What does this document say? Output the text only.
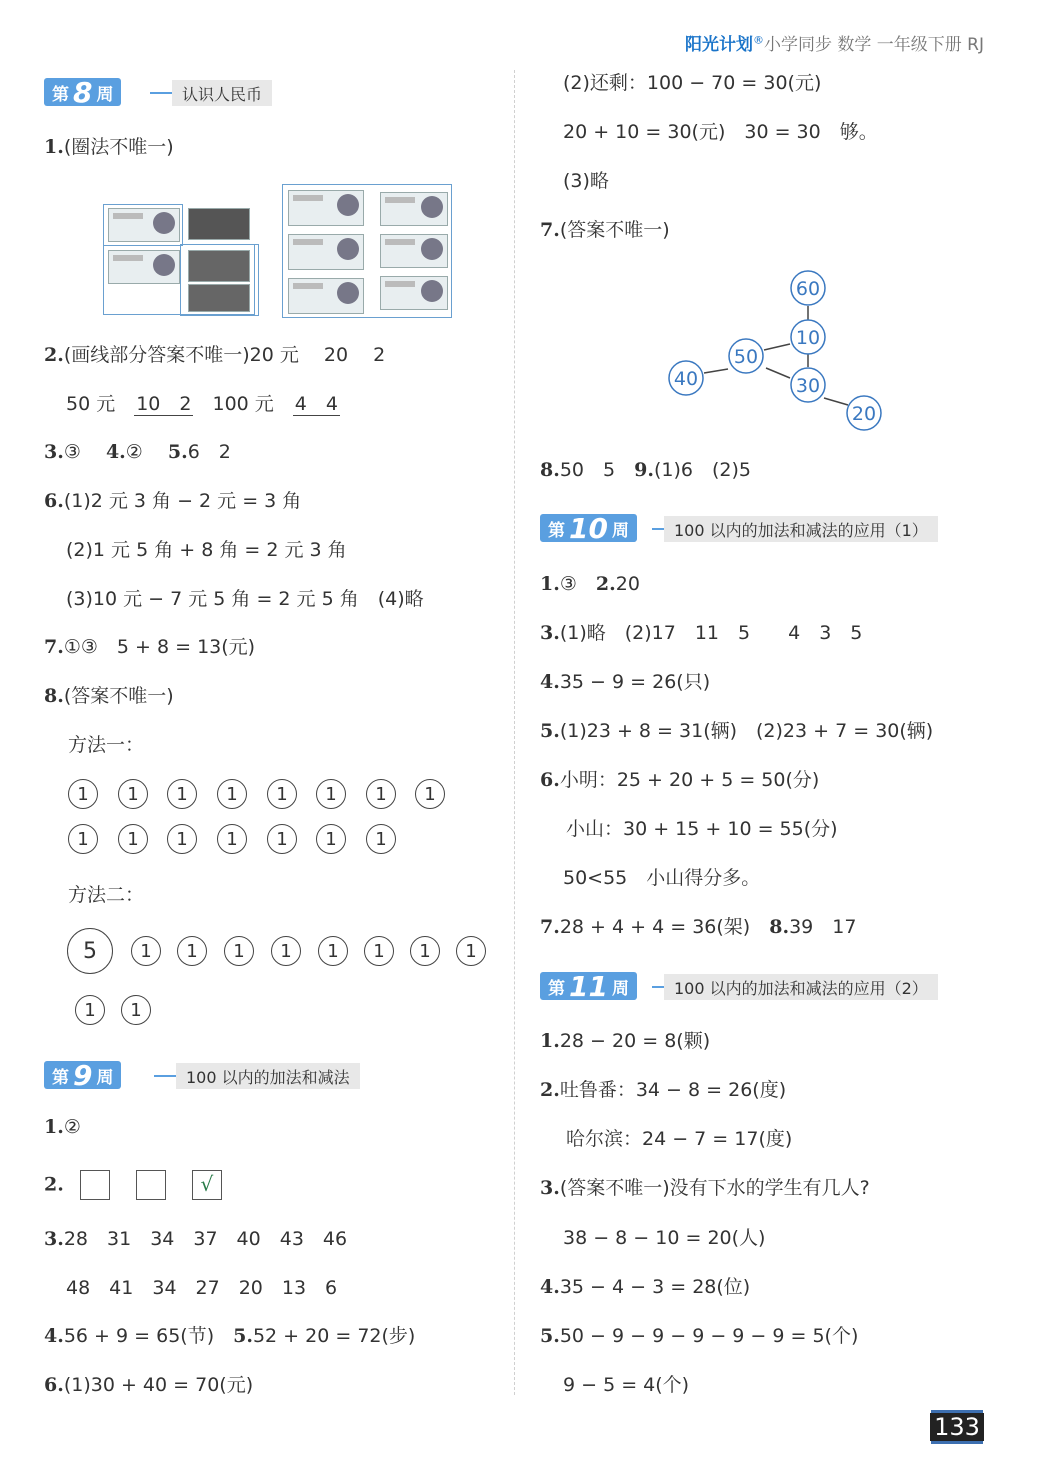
阳光计划®小学同步 数学 一年级下册 RJ
第 8 周	认识人民币
1.(圈法不唯一)
2.(画线部分答案不唯一)20 元　 20　 2
50 元　10　2　100 元　4　4
3.③　 4.②　 5.6　2
6.(1)2 元 3 角 − 2 元 = 3 角
(2)1 元 5 角 + 8 角 = 2 元 3 角
(3)10 元 − 7 元 5 角 = 2 元 5 角　(4)略
7.①③　5 + 8 = 13(元)
8.(答案不唯一)
方法一：
1	1	1	1	1	1	1	1
1	1	1	1	1	1	1
方法二：
5	1	1	1	1	1	1	1	1
1	1
第 9 周	100 以内的加法和减法
1.②
2.	√
3.28　31　34　37　40　43　46
48　41　34　27　20　13　6
4.56 + 9 = 65(节)　 5.52 + 20 = 72(步)
6.(1)30 + 40 = 70(元)
(2)还剩：100 − 70 = 30(元)
20 + 10 = 30(元)　30 = 30　够。
(3)略
7.(答案不唯一)
60
10
50
40	30
20
8.50　5　 9.(1)6　(2)5
第 10 周	100 以内的加法和减法的应用（1）
1.③　 2.20
3.(1)略　(2)17　11　5　　4　3　5
4.35 − 9 = 26(只)
5.(1)23 + 8 = 31(辆)　(2)23 + 7 = 30(辆)
6.小明：25 + 20 + 5 = 50(分)
小山：30 + 15 + 10 = 55(分)
50<55　小山得分多。
7.28 + 4 + 4 = 36(架)　 8.39　17
第 11 周	100 以内的加法和减法的应用（2）
1.28 − 20 = 8(颗)
2.吐鲁番：34 − 8 = 26(度)
哈尔滨：24 − 7 = 17(度)
3.(答案不唯一)没有下水的学生有几人?
38 − 8 − 10 = 20(人)
4.35 − 4 − 3 = 28(位)
5.50 − 9 − 9 − 9 − 9 − 9 = 5(个)
9 − 5 = 4(个)
133
